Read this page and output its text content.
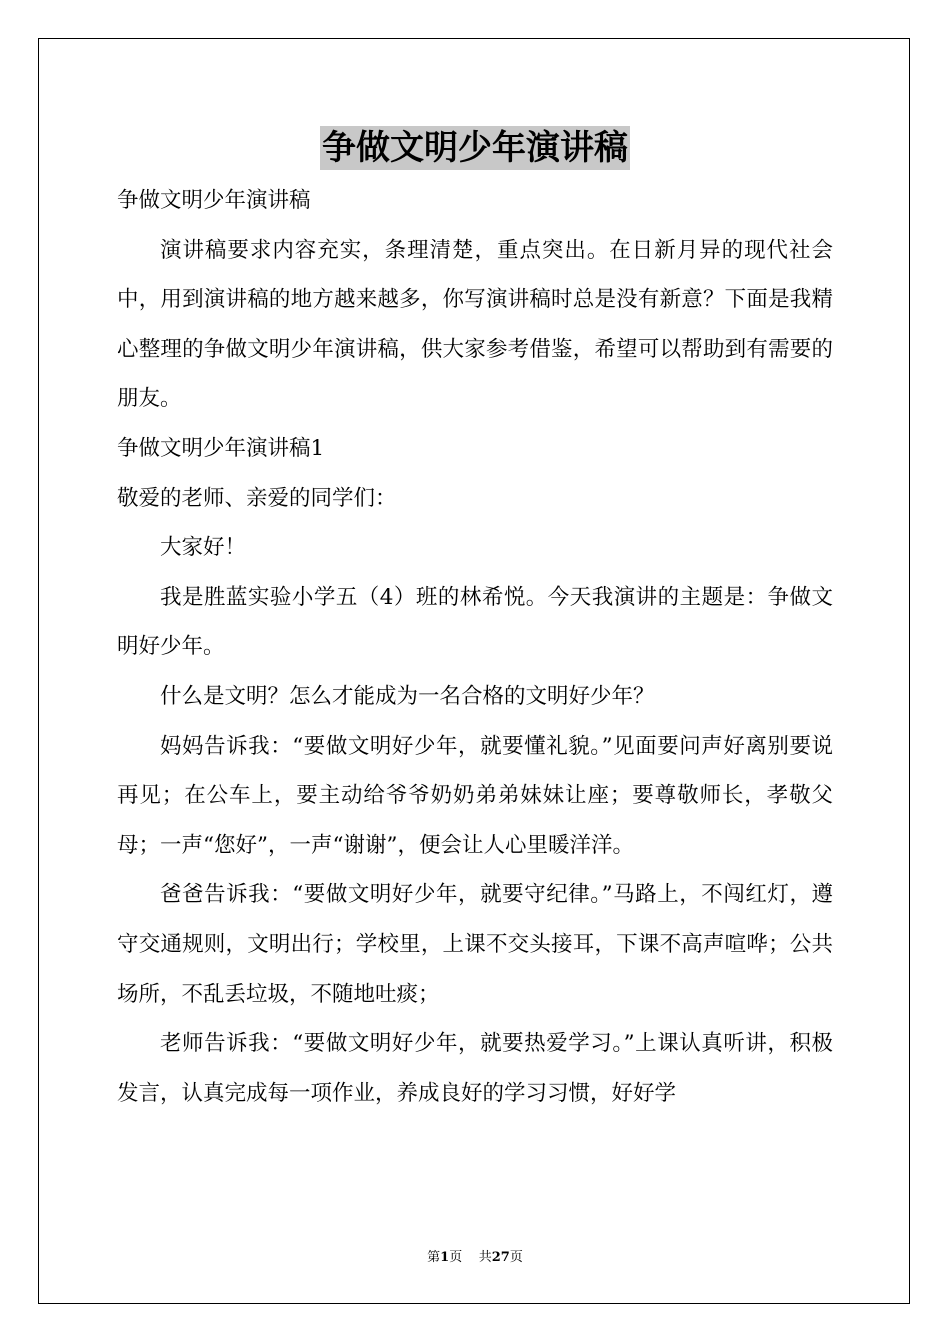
争做文明少年演讲稿

争做文明少年演讲稿

演讲稿要求内容充实，条理清楚，重点突出。在日新月异的现代社会中，用到演讲稿的地方越来越多，你写演讲稿时总是没有新意？下面是我精心整理的争做文明少年演讲稿，供大家参考借鉴，希望可以帮助到有需要的朋友。

争做文明少年演讲稿1

敬爱的老师、亲爱的同学们：

大家好！

我是胜蓝实验小学五（4）班的林希悦。今天我演讲的主题是：争做文明好少年。

什么是文明？怎么才能成为一名合格的文明好少年？

妈妈告诉我：“要做文明好少年，就要懂礼貌。”见面要问声好离别要说再见；在公车上，要主动给爷爷奶奶弟弟妹妹让座；要尊敬师长，孝敬父母；一声“您好”，一声“谢谢”，便会让人心里暖洋洋。

爸爸告诉我：“要做文明好少年，就要守纪律。”马路上，不闯红灯，遵守交通规则，文明出行；学校里，上课不交头接耳，下课不高声喧哗；公共场所，不乱丢垃圾，不随地吐痰；

老师告诉我：“要做文明好少年，就要热爱学习。”上课认真听讲，积极发言，认真完成每一项作业，养成良好的学习习惯，好好学

第1页 共27页
